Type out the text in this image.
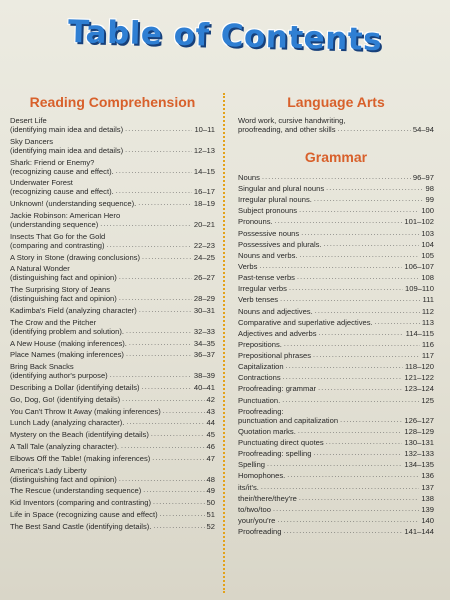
Table of Contents
Reading Comprehension
Desert Life
(identifying main idea and details) .....	10–11
Sky Dancers
(identifying main idea and details) .....	12–13
Shark: Friend or Enemy?
(recognizing cause and effect). .....	14–15
Underwater Forest
(recognizing cause and effect). .....	16–17
Unknown! (understanding sequence). .....	18–19
Jackie Robinson: American Hero
(understanding sequence) .....	20–21
Insects That Go for the Gold
(comparing and contrasting) .....	22–23
A Story in Stone (drawing conclusions) .....	24–25
A Natural Wonder
(distinguishing fact and opinion) .....	26–27
The Surprising Story of Jeans
(distinguishing fact and opinion) .....	28–29
Kadimba's Field (analyzing character) .....	30–31
The Crow and the Pitcher
(identifying problem and solution). .....	32–33
A New House (making inferences). .....	34–35
Place Names (making inferences) .....	36–37
Bring Back Snacks
(identifying author's purpose) .....	38–39
Describing a Dollar (identifying details) .....	40–41
Go, Dog, Go! (identifying details) .....	42
You Can't Throw It Away (making inferences) .....	43
Lunch Lady (analyzing character). .....	44
Mystery on the Beach (identifying details) .....	45
A Tall Tale (analyzing character). .....	46
Elbows Off the Table! (making inferences) .....	47
America's Lady Liberty
(distinguishing fact and opinion) .....	48
The Rescue (understanding sequence) .....	49
Kid Inventors (comparing and contrasting) .....	50
Life in Space (recognizing cause and effect) .....	51
The Best Sand Castle (identifying details). .....	52
Language Arts
Word work, cursive handwriting,
proofreading, and other skills .....	54–94
Grammar
Nouns .....	96–97
Singular and plural nouns .....	98
Irregular plural nouns. .....	99
Subject pronouns .....	100
Pronouns. .....	101–102
Possessive nouns .....	103
Possessives and plurals. .....	104
Nouns and verbs. .....	105
Verbs .....	106–107
Past-tense verbs .....	108
Irregular verbs .....	109–110
Verb tenses .....	111
Nouns and adjectives. .....	112
Comparative and superlative adjectives. .....	113
Adjectives and adverbs .....	114–115
Prepositions. .....	116
Prepositional phrases .....	117
Capitalization .....	118–120
Contractions .....	121–122
Proofreading: grammar .....	123–124
Punctuation. .....	125
Proofreading:
punctuation and capitalization .....	126–127
Quotation marks. .....	128–129
Punctuating direct quotes .....	130–131
Proofreading: spelling .....	132–133
Spelling .....	134–135
Homophones. .....	136
its/it's. .....	137
their/there/they're .....	138
to/two/too .....	139
your/you're .....	140
Proofreading .....	141–144
